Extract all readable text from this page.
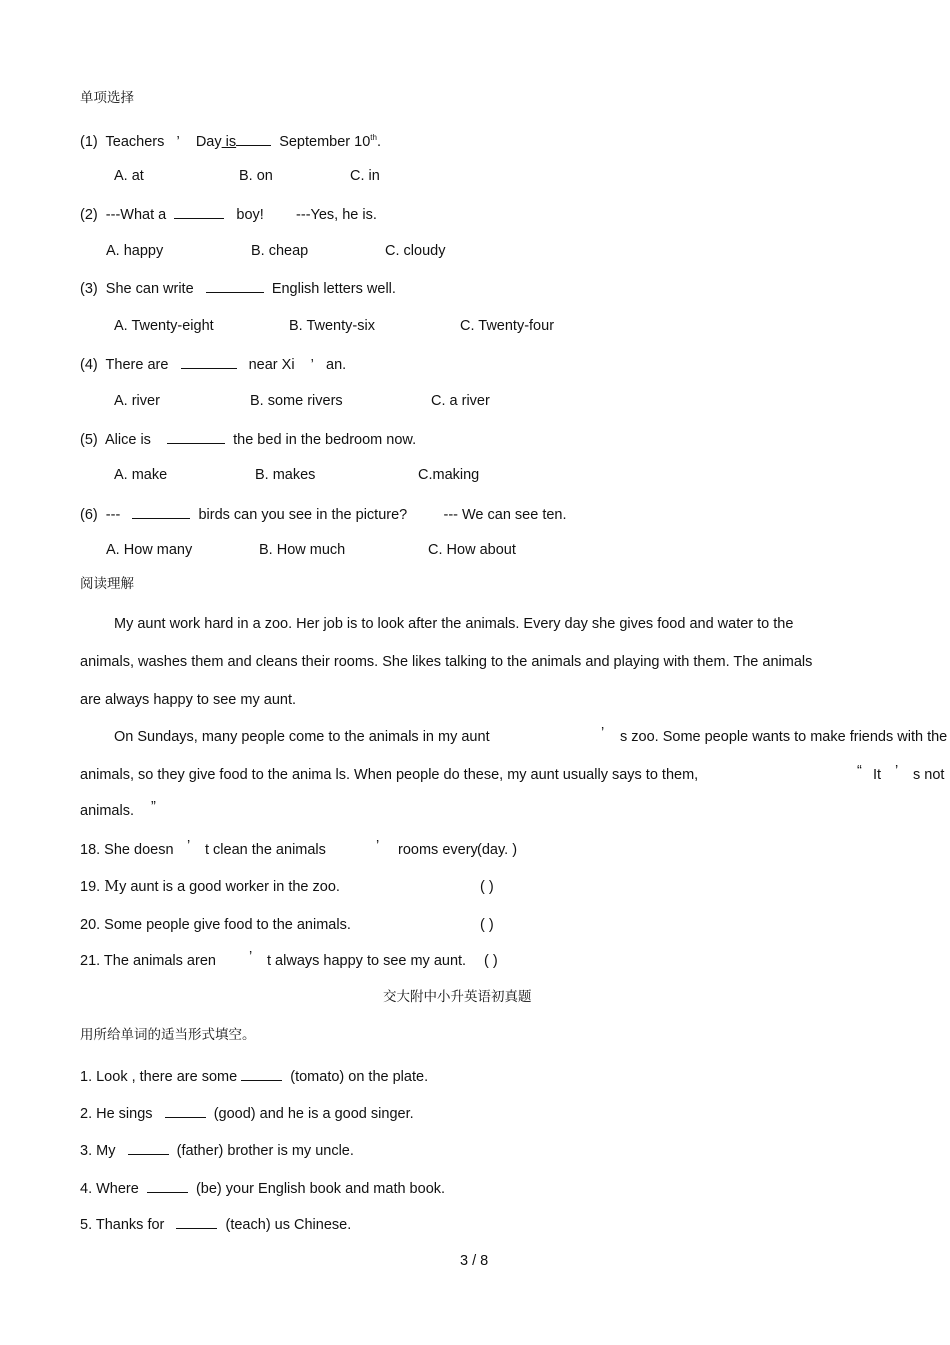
单项选择
(1) Teachers ’ Day is	September 10th.
A. at	B. on	C. in
(2) ---What a	boy! ---Yes, he is.
A. happy	B. cheap	C. cloudy
(3) She can write	English letters well.
A. Twenty-eight	B. Twenty-six	C. Twenty-four
(4) There are	near Xi ’ an.
A. river	B. some rivers	C. a river
(5) Alice is	the bed in the bedroom now.
A. make	B. makes	C.making
(6) ---	birds can you see in the picture?	--- We can see ten.
A. How many	B. How much	C. How about
阅读理解
My aunt work hard in a zoo. Her job is to look after the animals. Every day she gives food and water to the
animals, washes them and cleans their rooms. She likes talking to the animals and playing with them. The animals
are always happy to see my aunt.
On Sundays, many people come to the animals in my aunt	’ s zoo. Some people wants to make friends with the
animals, so they give food to the anima ls. When people do these, my aunt usually says to them,	“ It ’ s not
animals. ”
18. She doesn ’ t clean the animals	’ rooms every (day. )
19. My aunt is a good worker in the zoo.	( )
20. Some people give food to the animals.	( )
21. The animals aren ’ t always happy to see my aunt. ( )
交大附中小升英语初真题
用所给单词的适当形式填空。
1. Look , there are some	(tomato) on the plate.
2. He sings	(good) and he is a good singer.
3. My	(father) brother is my uncle.
4. Where	(be) your English book and math book.
5. Thanks for	(teach) us Chinese.
3 / 8
